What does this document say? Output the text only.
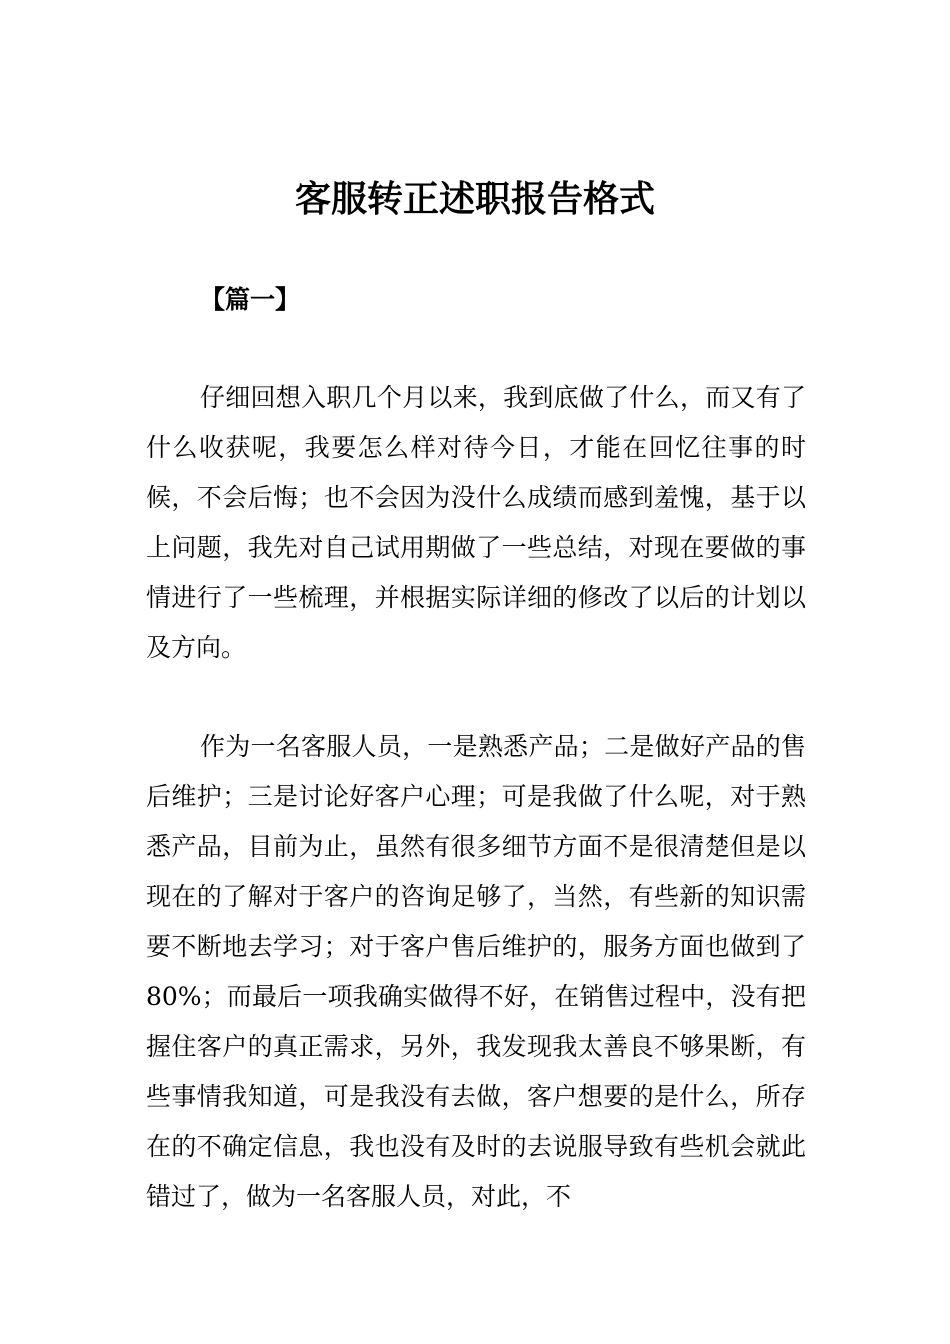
客服转正述职报告格式
【篇一】

仔细回想入职几个月以来，我到底做了什么，而又有了什么收获呢，我要怎么样对待今日，才能在回忆往事的时候，不会后悔；也不会因为没什么成绩而感到羞愧，基于以上问题，我先对自己试用期做了一些总结，对现在要做的事情进行了一些梳理，并根据实际详细的修改了以后的计划以及方向。

作为一名客服人员，一是熟悉产品；二是做好产品的售后维护；三是讨论好客户心理；可是我做了什么呢，对于熟悉产品，目前为止，虽然有很多细节方面不是很清楚但是以现在的了解对于客户的咨询足够了，当然，有些新的知识需要不断地去学习；对于客户售后维护的，服务方面也做到了80%；而最后一项我确实做得不好，在销售过程中，没有把握住客户的真正需求，另外，我发现我太善良不够果断，有些事情我知道，可是我没有去做，客户想要的是什么，所存在的不确定信息，我也没有及时的去说服导致有些机会就此错过了，做为一名客服人员，对此，不
